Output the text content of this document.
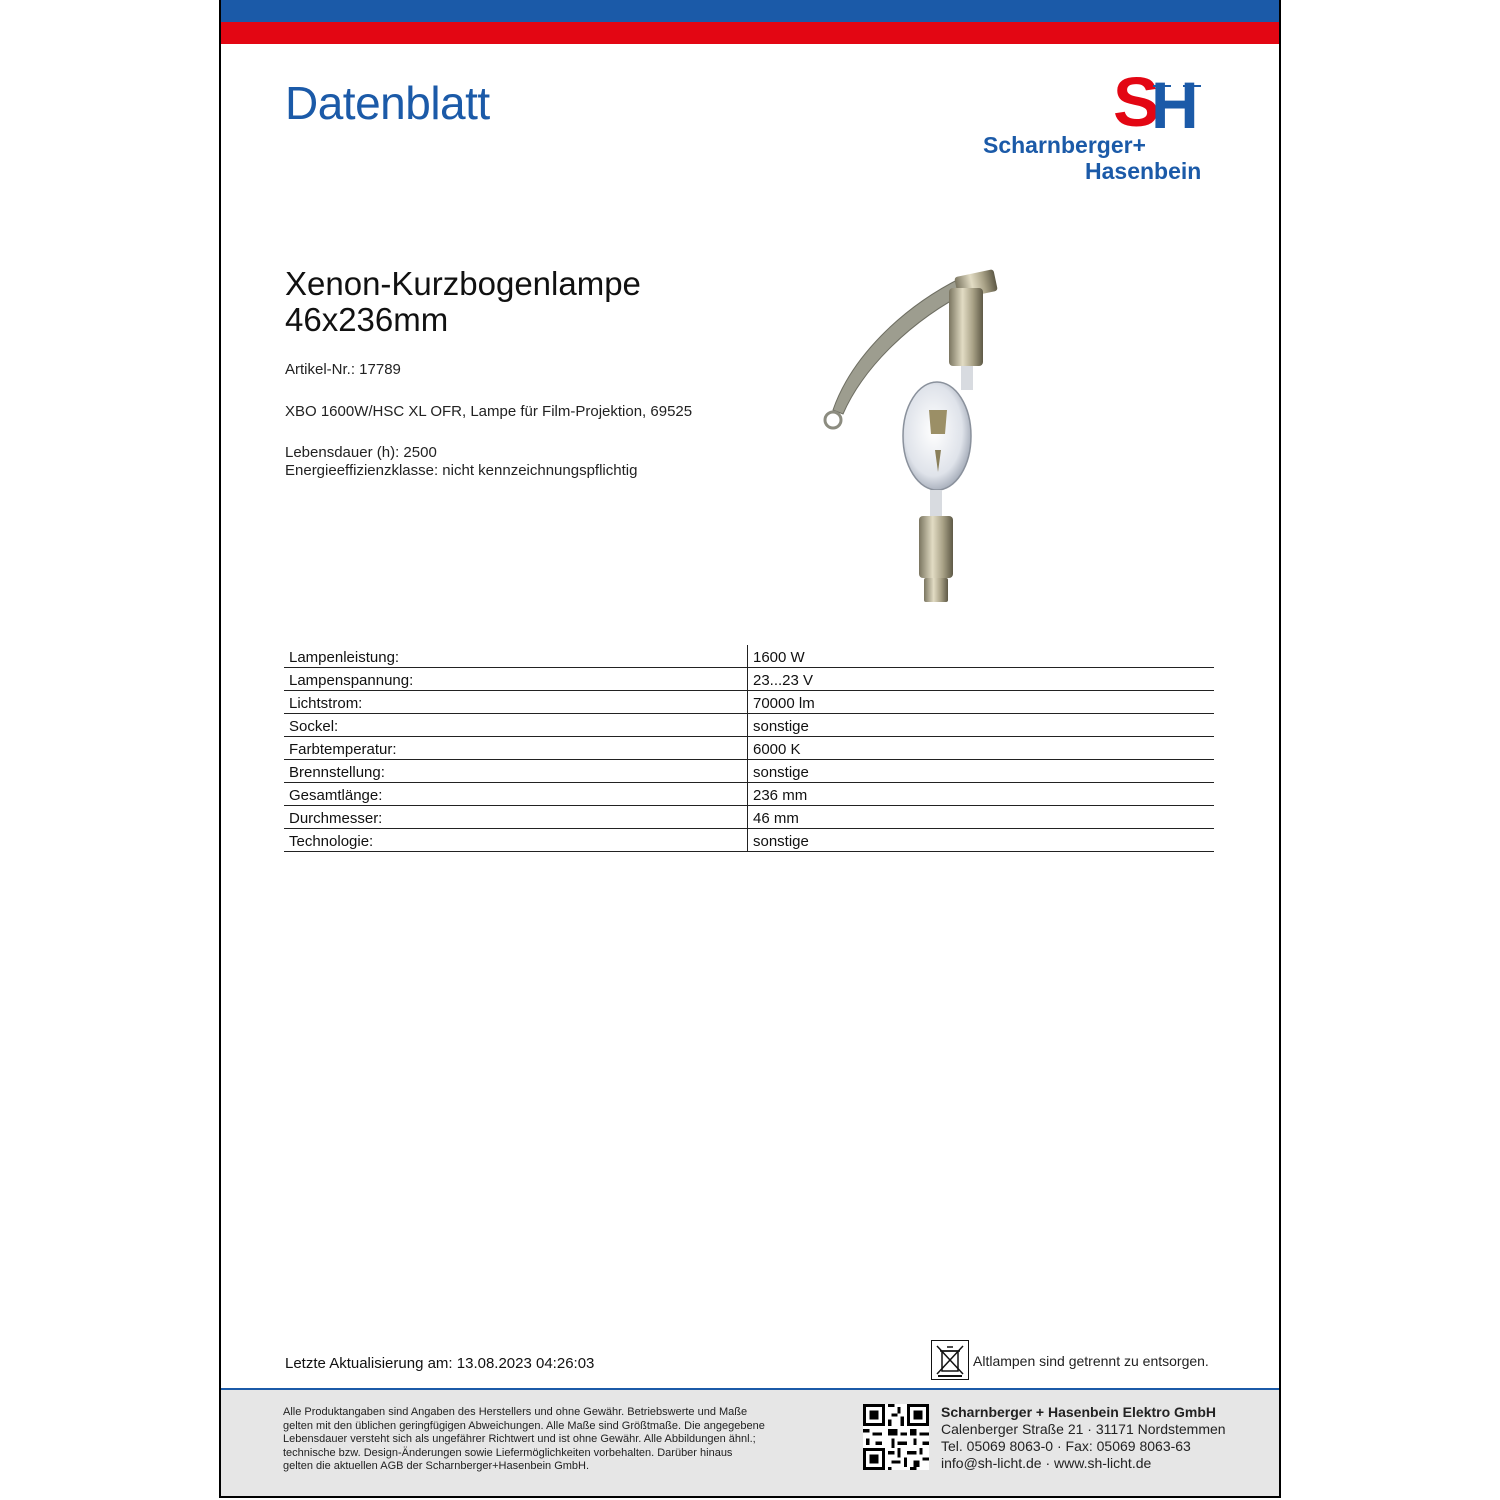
Datenblatt	S
H
Scharnberger+
Hasenbein
Xenon-Kurzbogenlampe
46x236mm
Artikel-Nr.: 17789
XBO 1600W/HSC XL OFR, Lampe für Film-Projektion, 69525
Lebensdauer (h): 2500
Energieeffizienzklasse: nicht kennzeichnungspflichtig
Lampenleistung:	1600 W
Lampenspannung:	23...23 V
Lichtstrom:	70000 lm
Sockel:	sonstige
Farbtemperatur:	6000 K
Brennstellung:	sonstige
Gesamtlänge:	236 mm
Durchmesser:	46 mm
Technologie:	sonstige
Letzte Aktualisierung am: 13.08.2023 04:26:03	Altlampen sind getrennt zu entsorgen.
Alle Produktangaben sind Angaben des Herstellers und ohne Gewähr. Betriebswerte und Maße
gelten mit den üblichen geringfügigen Abweichungen. Alle Maße sind Größtmaße. Die angegebene
Lebensdauer versteht sich als ungefährer Richtwert und ist ohne Gewähr. Alle Abbildungen ähnl.;
technische bzw. Design-Änderungen sowie Liefermöglichkeiten vorbehalten. Darüber hinaus
gelten die aktuellen AGB der Scharnberger+Hasenbein GmbH.
Scharnberger + Hasenbein Elektro GmbH
Calenberger Straße 21 · 31171 Nordstemmen
Tel. 05069 8063-0 · Fax: 05069 8063-63
info@sh-licht.de · www.sh-licht.de
